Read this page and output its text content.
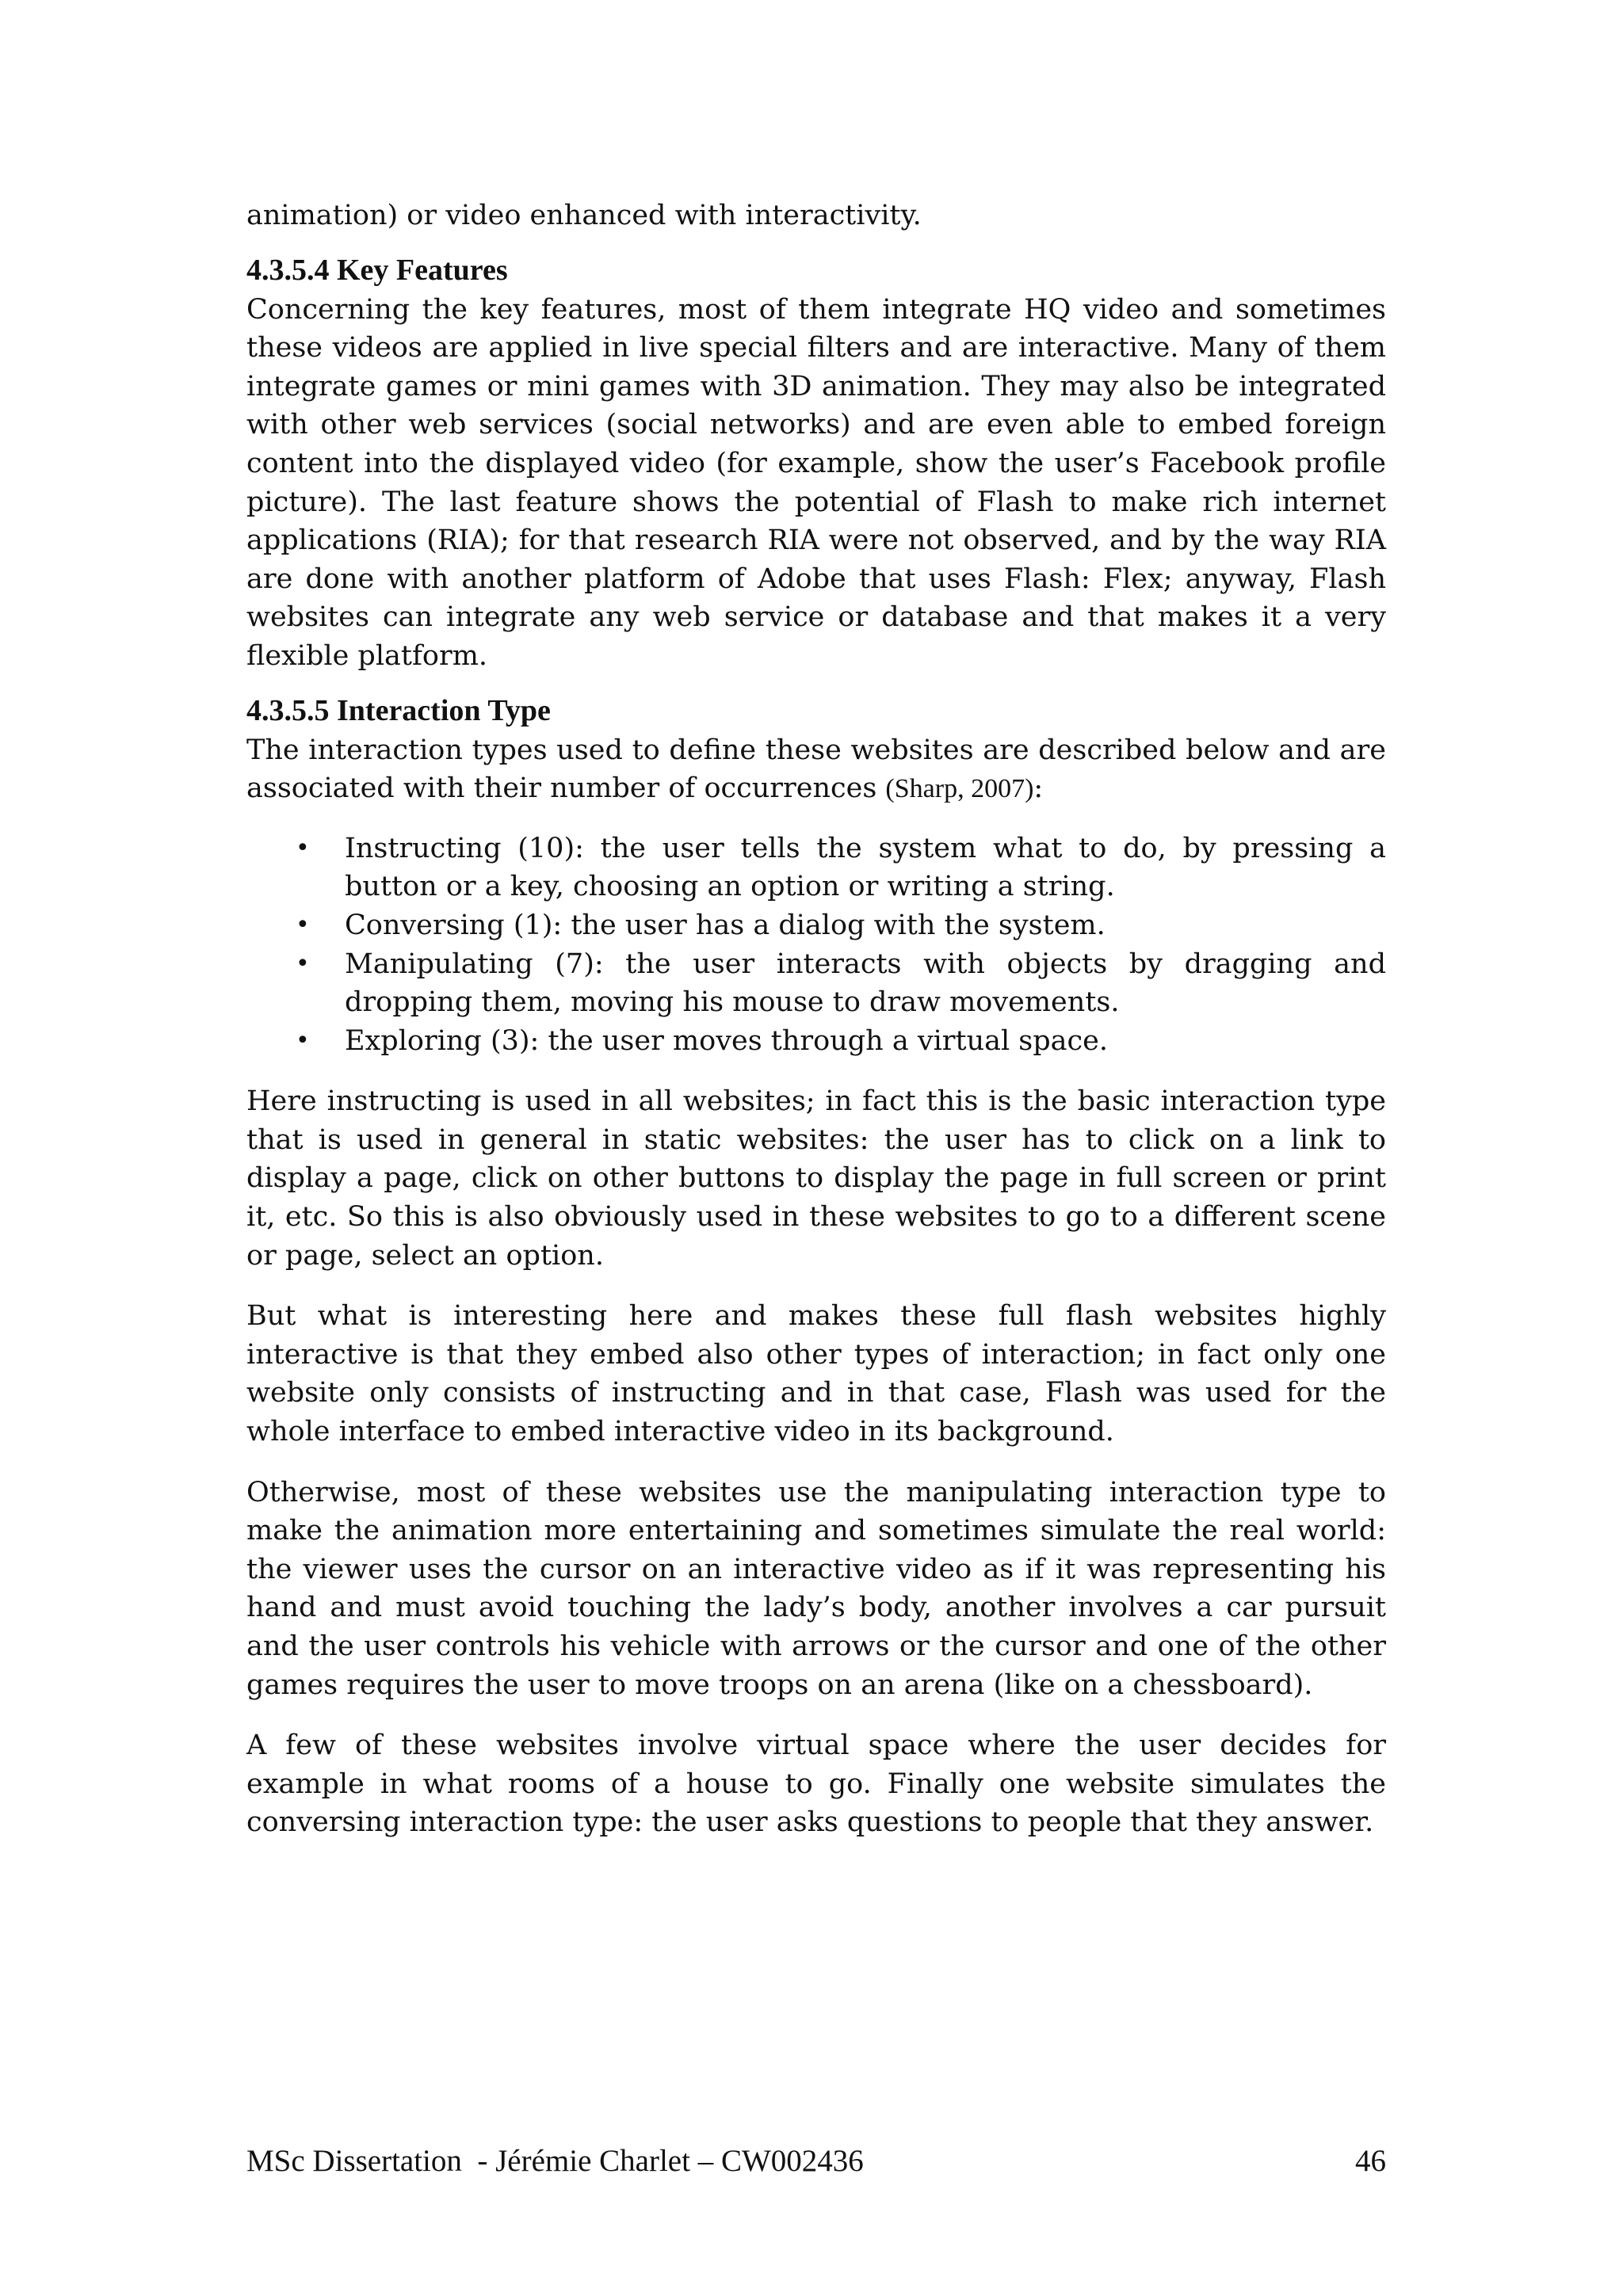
animation) or video enhanced with interactivity.

4.3.5.4 Key Features

Concerning the key features, most of them integrate HQ video and sometimes these videos are applied in live special filters and are interactive. Many of them integrate games or mini games with 3D animation. They may also be integrated with other web services (social networks) and are even able to embed foreign content into the displayed video (for example, show the user’s Facebook profile picture). The last feature shows the potential of Flash to make rich internet applications (RIA); for that research RIA were not observed, and by the way RIA are done with another platform of Adobe that uses Flash: Flex; anyway, Flash websites can integrate any web service or database and that makes it a very flexible platform.

4.3.5.5 Interaction Type

The interaction types used to define these websites are described below and are associated with their number of occurrences (Sharp, 2007):

• Instructing (10): the user tells the system what to do, by pressing a button or a key, choosing an option or writing a string.
• Conversing (1): the user has a dialog with the system.
• Manipulating (7): the user interacts with objects by dragging and dropping them, moving his mouse to draw movements.
• Exploring (3): the user moves through a virtual space.

Here instructing is used in all websites; in fact this is the basic interaction type that is used in general in static websites: the user has to click on a link to display a page, click on other buttons to display the page in full screen or print it, etc. So this is also obviously used in these websites to go to a different scene or page, select an option.

But what is interesting here and makes these full flash websites highly interactive is that they embed also other types of interaction; in fact only one website only consists of instructing and in that case, Flash was used for the whole interface to embed interactive video in its background.

Otherwise, most of these websites use the manipulating interaction type to make the animation more entertaining and sometimes simulate the real world: the viewer uses the cursor on an interactive video as if it was representing his hand and must avoid touching the lady’s body, another involves a car pursuit and the user controls his vehicle with arrows or the cursor and one of the other games requires the user to move troops on an arena (like on a chessboard).

A few of these websites involve virtual space where the user decides for example in what rooms of a house to go. Finally one website simulates the conversing interaction type: the user asks questions to people that they answer.

MSc Dissertation  - Jérémie Charlet – CW002436	46
